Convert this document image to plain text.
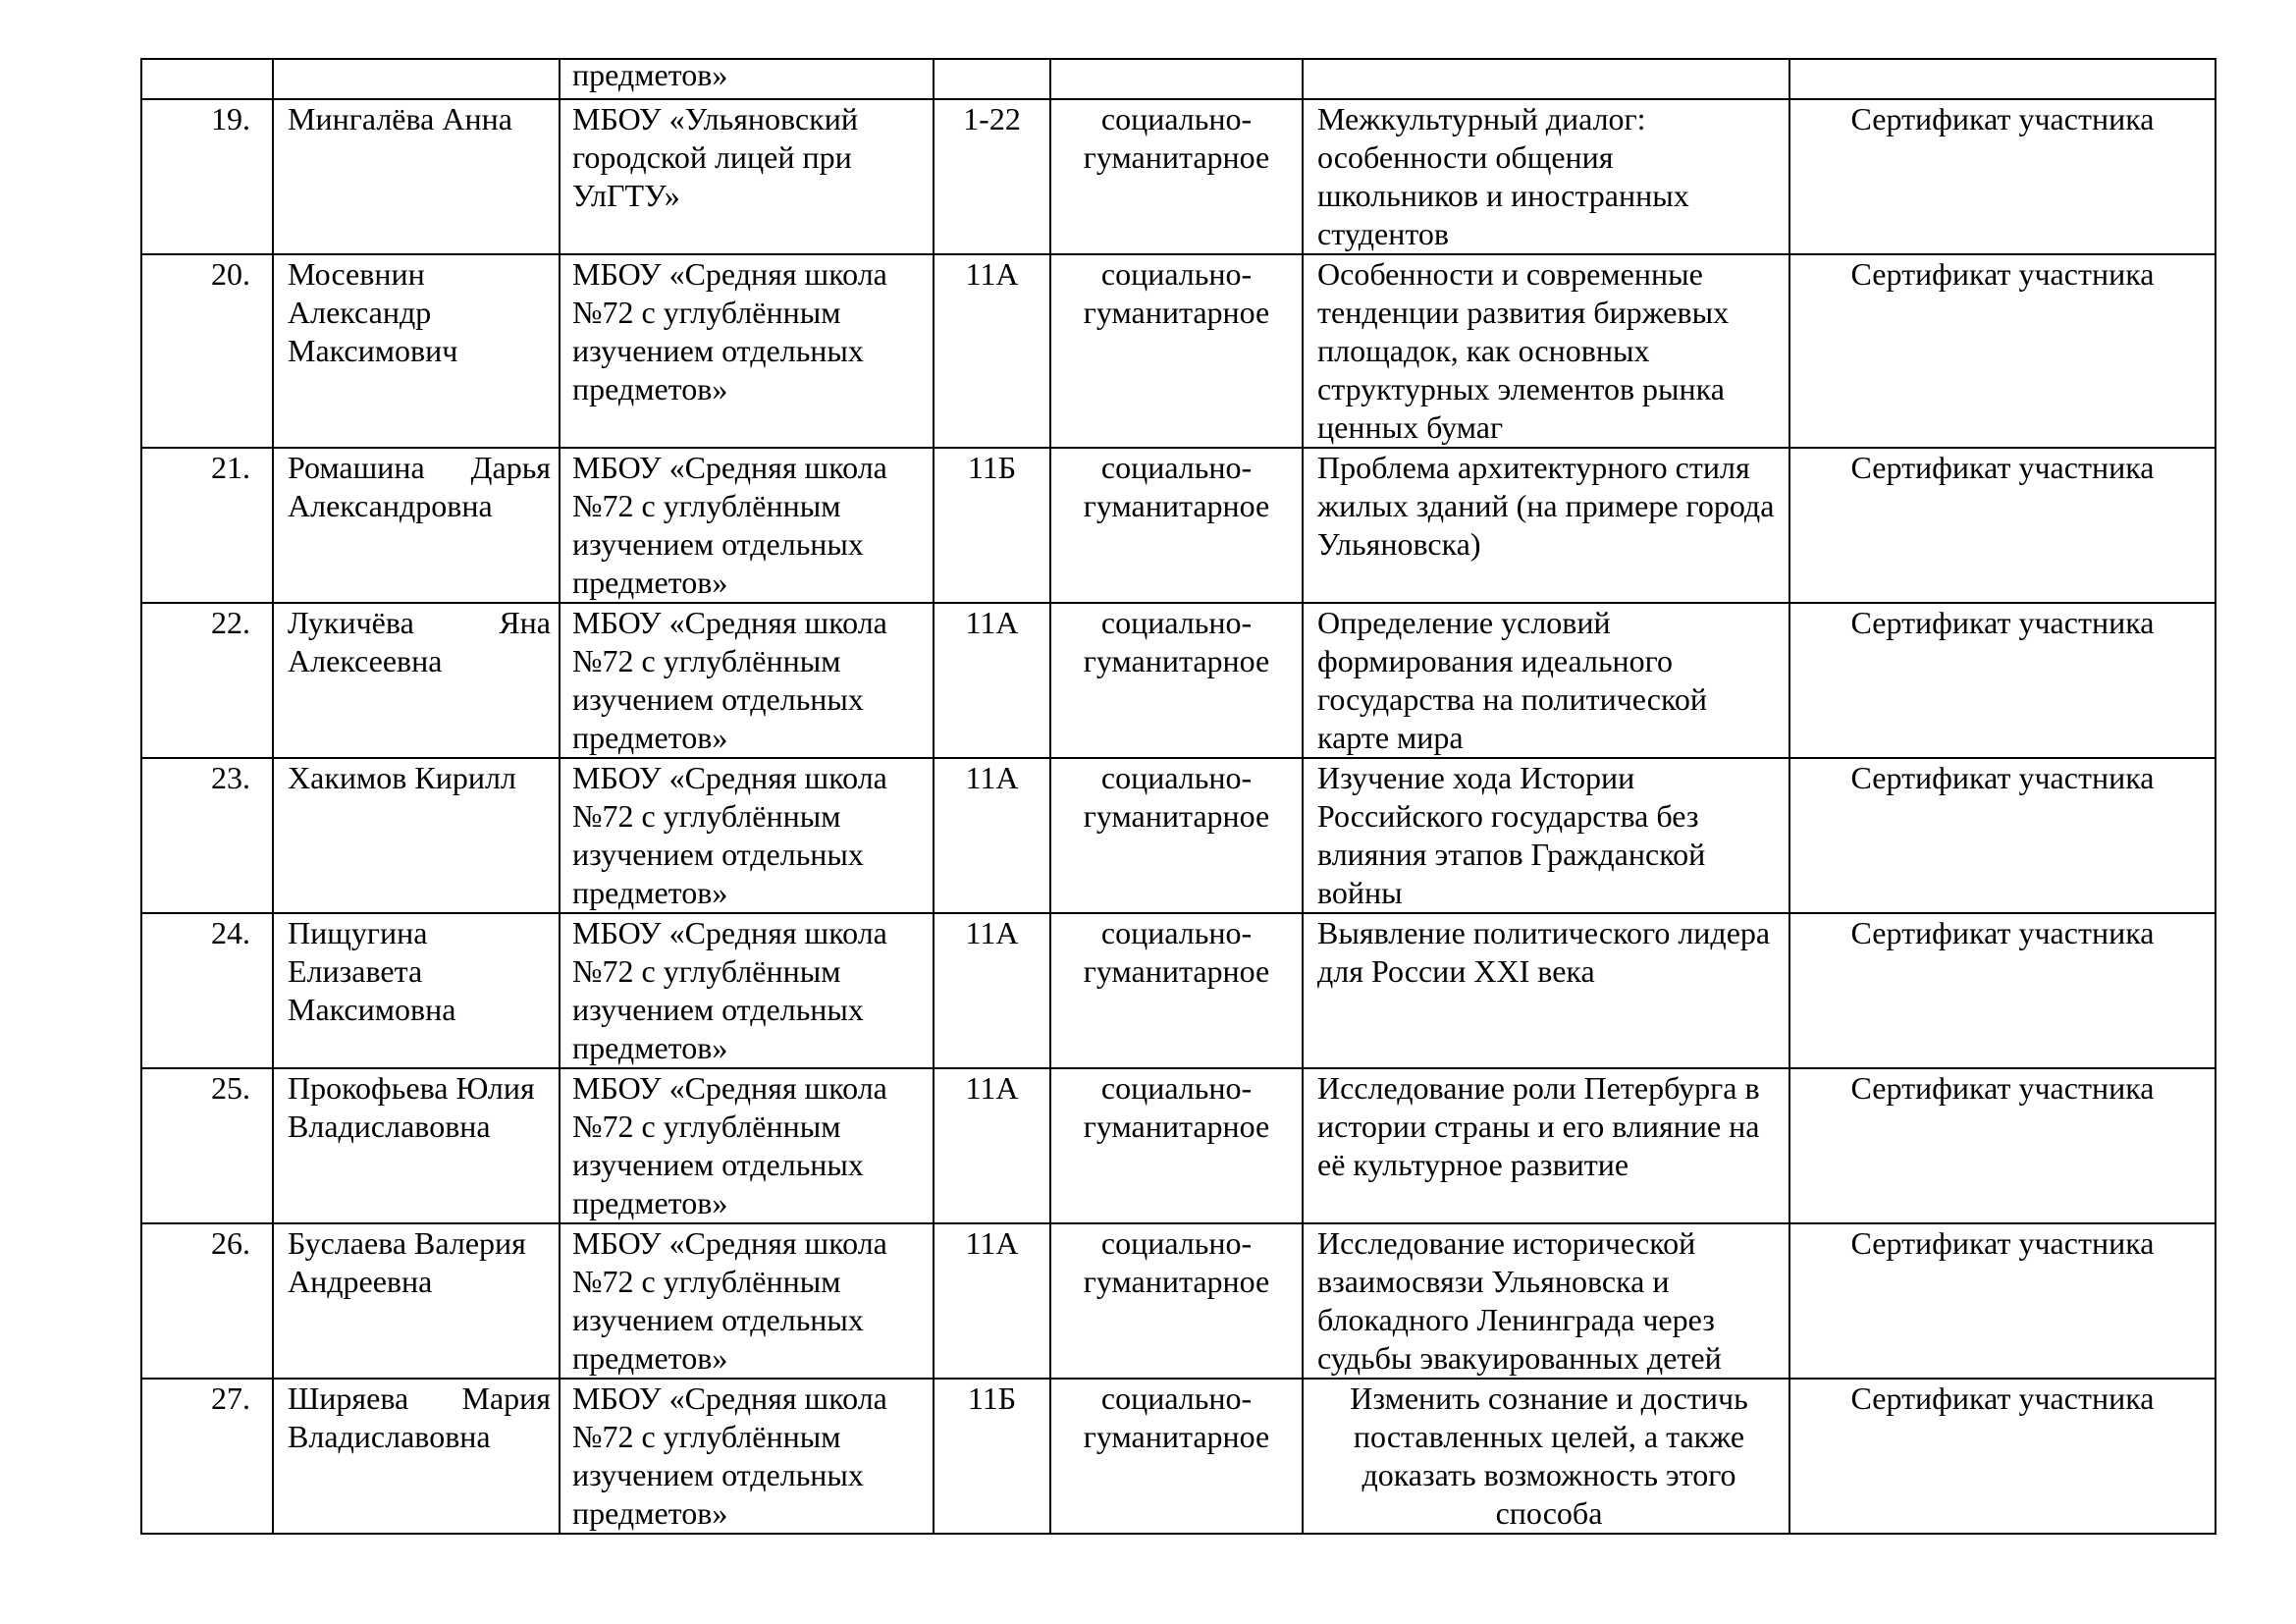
		предметов»				

19.	Мингалёва Анна	МБОУ «Ульяновский городской лицей при УлГТУ»	1-22	социально-гуманитарное	Межкультурный диалог: особенности общения школьников и иностранных студентов	Сертификат участника
20.	Мосевнин Александр Максимович	МБОУ «Средняя школа №72 с углублённым изучением отдельных предметов»	11А	социально-гуманитарное	Особенности и современные тенденции развития биржевых площадок, как основных структурных элементов рынка ценных бумаг	Сертификат участника
21.	Ромашина Дарья Александровна	МБОУ «Средняя школа №72 с углублённым изучением отдельных предметов»	11Б	социально-гуманитарное	Проблема архитектурного стиля жилых зданий (на примере города Ульяновска)	Сертификат участника
22.	Лукичёва Яна Алексеевна	МБОУ «Средняя школа №72 с углублённым изучением отдельных предметов»	11А	социально-гуманитарное	Определение условий формирования идеального государства на политической карте мира	Сертификат участника
23.	Хакимов Кирилл	МБОУ «Средняя школа №72 с углублённым изучением отдельных предметов»	11А	социально-гуманитарное	Изучение хода Истории Российского государства без влияния этапов Гражданской войны	Сертификат участника
24.	Пищугина Елизавета Максимовна	МБОУ «Средняя школа №72 с углублённым изучением отдельных предметов»	11А	социально-гуманитарное	Выявление политического лидера для России XXI века	Сертификат участника
25.	Прокофьева Юлия Владиславовна	МБОУ «Средняя школа №72 с углублённым изучением отдельных предметов»	11А	социально-гуманитарное	Исследование роли Петербурга в истории страны и его влияние на её культурное развитие	Сертификат участника
26.	Буслаева Валерия Андреевна	МБОУ «Средняя школа №72 с углублённым изучением отдельных предметов»	11А	социально-гуманитарное	Исследование исторической взаимосвязи Ульяновска и блокадного Ленинграда через судьбы эвакуированных детей	Сертификат участника
27.	Ширяева Мария Владиславовна	МБОУ «Средняя школа №72 с углублённым изучением отдельных предметов»	11Б	социально-гуманитарное	Изменить сознание и достичь поставленных целей, а также доказать возможность этого способа	Сертификат участника
